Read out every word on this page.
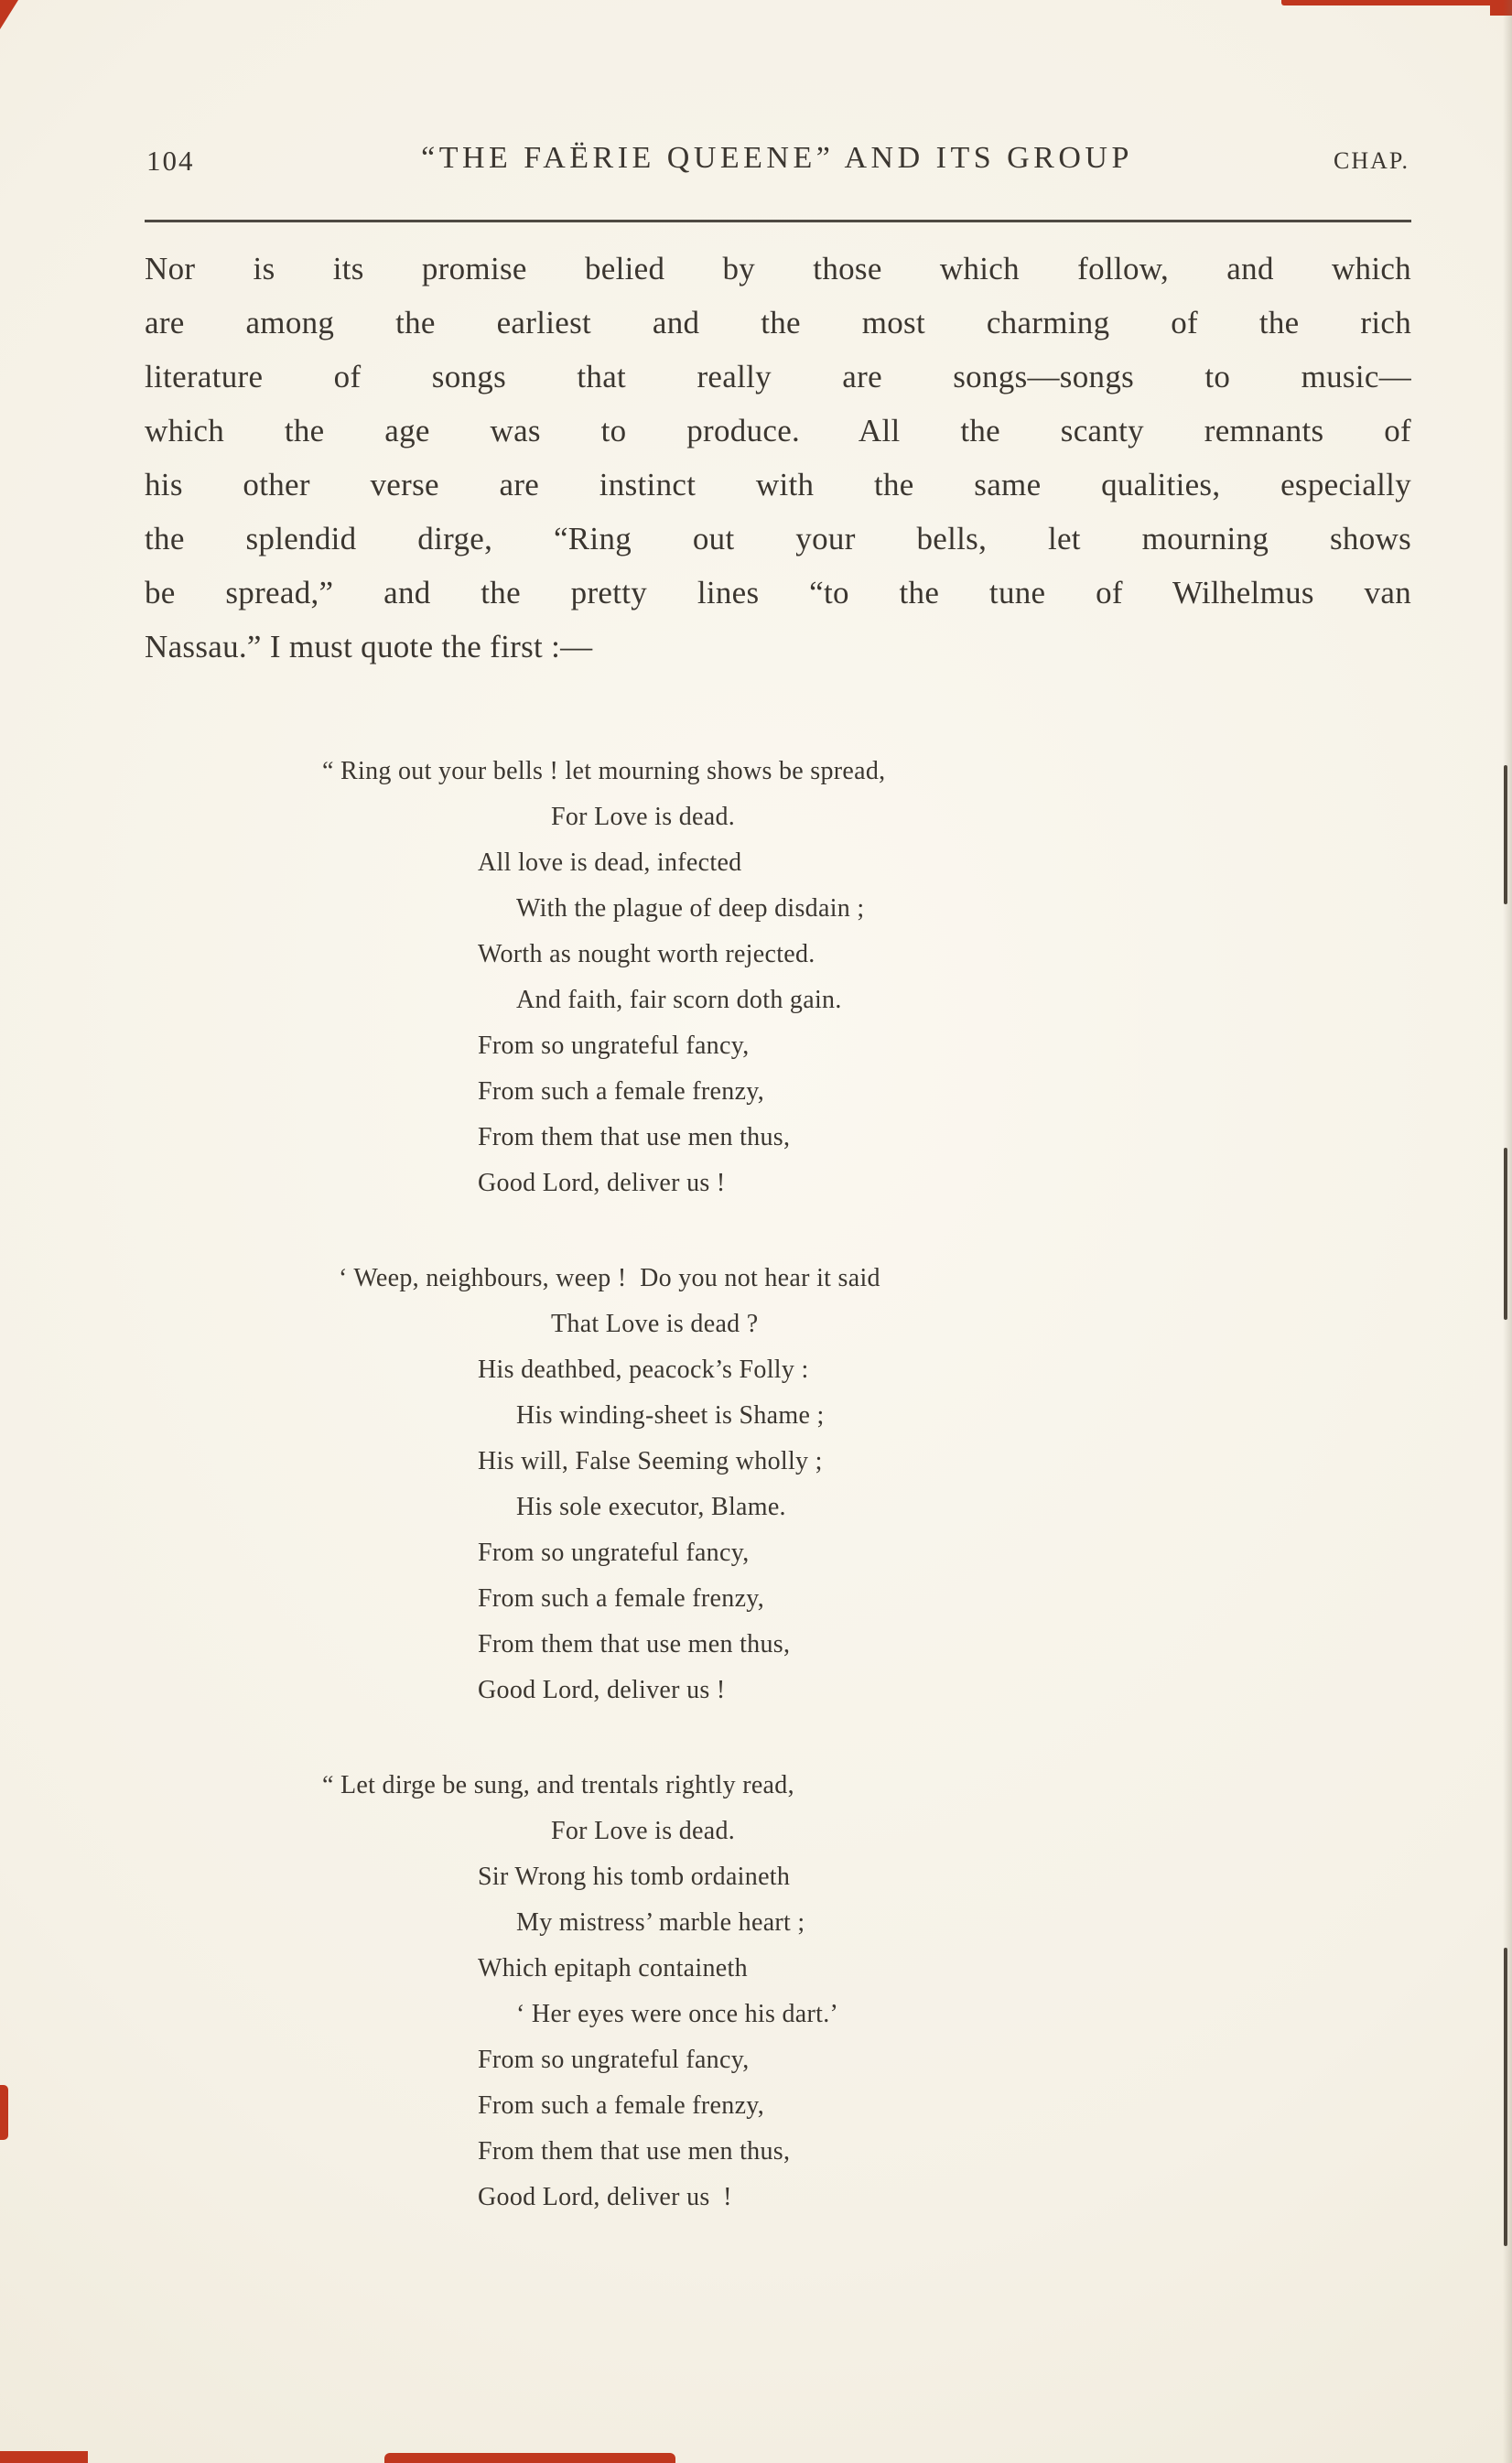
104	“THE FAËRIE QUEENE” AND ITS GROUP	CHAP.
Nor is its promise belied by those which follow, and which
are among the earliest and the most charming of the rich
literature of songs that really are songs—songs to music—
which the age was to produce. All the scanty remnants of
his other verse are instinct with the same qualities, especially
the splendid dirge, “Ring out your bells, let mourning shows
be spread,” and the pretty lines “to the tune of Wilhelmus van
Nassau.” I must quote the first :—
“ Ring out your bells ! let mourning shows be spread,
For Love is dead.
All love is dead, infected
With the plague of deep disdain ;
Worth as nought worth rejected.
And faith, fair scorn doth gain.
From so ungrateful fancy,
From such a female frenzy,
From them that use men thus,
Good Lord, deliver us !
‘ Weep, neighbours, weep !  Do you not hear it said
That Love is dead ?
His deathbed, peacock’s Folly :
His winding-sheet is Shame ;
His will, False Seeming wholly ;
His sole executor, Blame.
From so ungrateful fancy,
From such a female frenzy,
From them that use men thus,
Good Lord, deliver us !
“ Let dirge be sung, and trentals rightly read,
For Love is dead.
Sir Wrong his tomb ordaineth
My mistress’ marble heart ;
Which epitaph containeth
‘ Her eyes were once his dart.’
From so ungrateful fancy,
From such a female frenzy,
From them that use men thus,
Good Lord, deliver us  !
